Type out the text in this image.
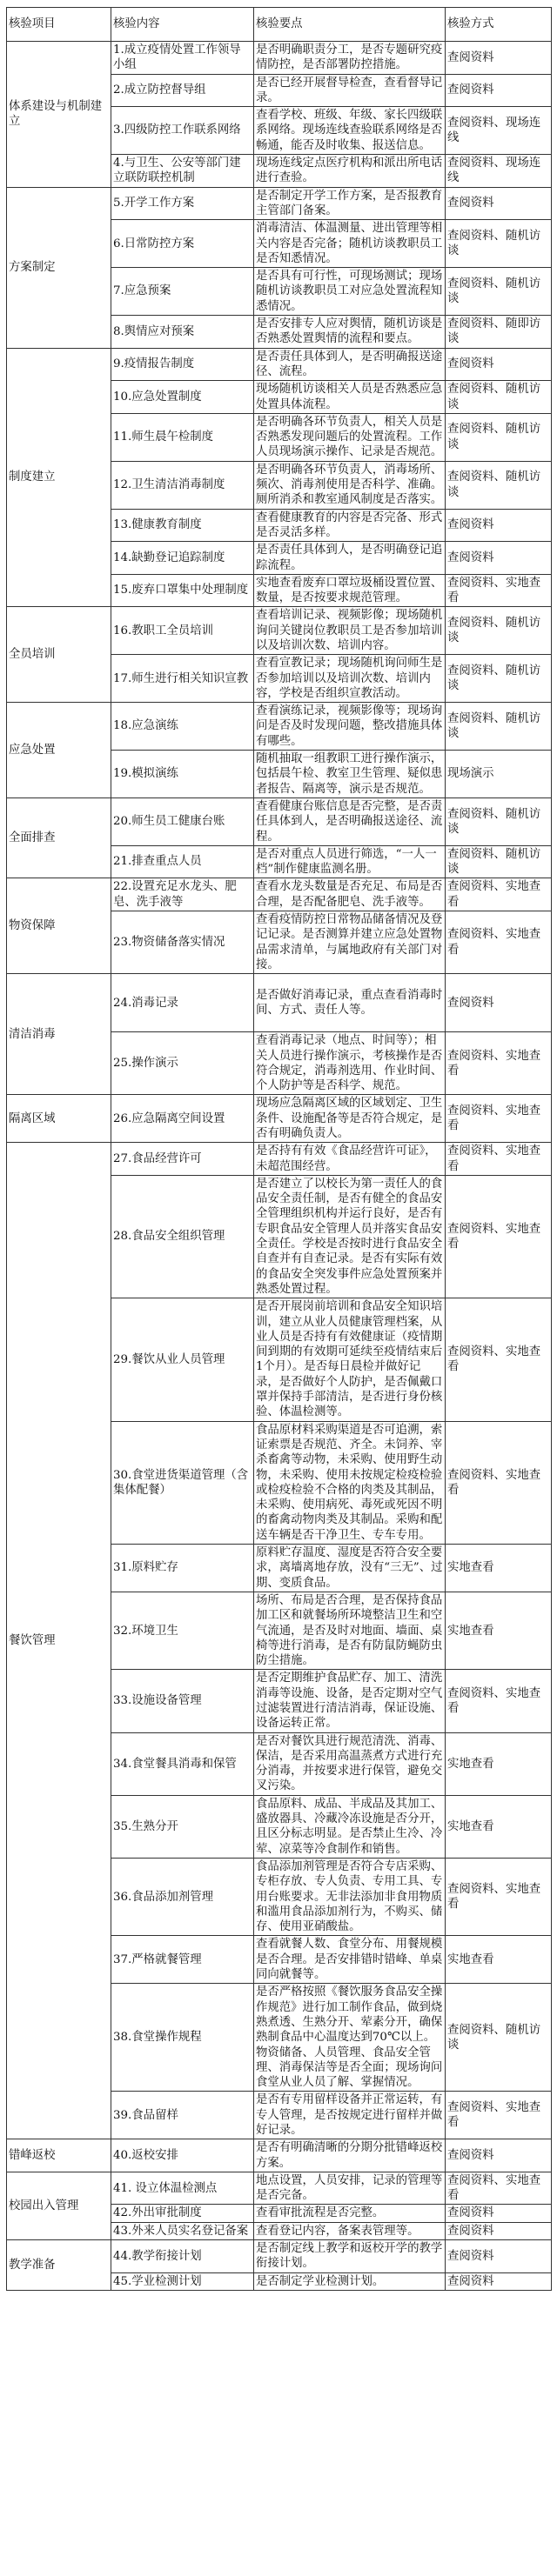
核验项目	核验内容	核验要点	核验方式
体系建设与机制建 立	1.成立疫情处置工作领导小组	是否明确职责分工，是否专题研究疫情防控，是否部署防控措施。	查阅资料
	2.成立防控督导组	是否已经开展督导检查，查看督导记录。	查阅资料
	3.四级防控工作联系网络	查看学校、班级、年级、家长四级联系网络。现场连线查验联系网络是否畅通，能否及时收集、报送信息。	查阅资料、现场连线
	4.与卫生、公安等部门建立联防联控机制	现场连线定点医疗机构和派出所电话进行查验。	查阅资料、现场连线
方案制定	5.开学工作方案	是否制定开学工作方案，是否报教育主管部门备案。	查阅资料
	6.日常防控方案	消毒清洁、体温测量、进出管理等相关内容是否完备；随机访谈教职员工是否知悉情况。	查阅资料、随机访谈
	7.应急预案	是否具有可行性，可现场测试；现场随机访谈教职员工对应急处置流程知悉情况。	查阅资料、随机访谈
	8.舆情应对预案	是否安排专人应对舆情，随机访谈是否熟悉处置舆情的流程和要点。	查阅资料、随即访谈
制度建立	9.疫情报告制度	是否责任具体到人，是否明确报送途径、流程。	查阅资料
	10.应急处置制度	现场随机访谈相关人员是否熟悉应急处置具体流程。	查阅资料、随机访谈
	11.师生晨午检制度	是否明确各环节负责人，相关人员是否熟悉发现问题后的处置流程。工作人员现场演示操作、记录是否规范。	查阅资料、随机访谈
	12.卫生清洁消毒制度	是否明确各环节负责人，消毒场所、频次、消毒剂使用是否科学、准确。厕所消杀和教室通风制度是否落实。	查阅资料、随机访谈
	13.健康教育制度	查看健康教育的内容是否完备、形式是否灵活多样。	查阅资料
	14.缺勤登记追踪制度	是否责任具体到人，是否明确登记追踪流程。	查阅资料
	15.废弃口罩集中处理制度	实地查看废弃口罩垃圾桶设置位置、数量，是否按要求规范管理。	查阅资料、实地查看
全员培训	16.教职工全员培训	查看培训记录、视频影像；现场随机询问关键岗位教职员工是否参加培训以及培训次数、培训内容。	查阅资料、随机访谈
	17.师生进行相关知识宣教	查看宣教记录；现场随机询问师生是否参加培训以及培训次数、培训内容，学校是否组织宣教活动。	查阅资料、随机访谈
应急处置	18.应急演练	查看演练记录，视频影像等；现场询问是否及时发现问题，整改措施具体有哪些。	查阅资料、随机访谈
	19.模拟演练	随机抽取一组教职工进行操作演示，包括晨午检、教室卫生管理、疑似患者报告、隔离等，演示是否规范。	现场演示
全面排查	20.师生员工健康台账	查看健康台账信息是否完整，是否责任具体到人，是否明确报送途径、流程。	查阅资料、随机访谈
	21.排查重点人员	是否对重点人员进行筛选，“一人一档”制作健康监测名册。	查阅资料、随机访谈
物资保障	22.设置充足水龙头、肥皂、洗手液等	查看水龙头数量是否充足、布局是否合理，是否配备肥皂、洗手液等。	查阅资料、实地查看
	23.物资储备落实情况	查看疫情防控日常物品储备情况及登记记录。是否测算并建立应急处置物品需求清单，与属地政府有关部门对接。	查阅资料、实地查看
清洁消毒	24.消毒记录	是否做好消毒记录，重点查看消毒时间、方式、责任人等。	查阅资料
	25.操作演示	查看消毒记录（地点、时间等）；相关人员进行操作演示，考核操作是否符合规定，消毒剂选用、作业时间、个人防护等是否科学、规范。	查阅资料、实地查看
隔离区域	26.应急隔离空间设置	现场应急隔离区域的区域划定、卫生条件、设施配备等是否符合规定，是否有明确负责人。	查阅资料、实地查看
餐饮管理	27.食品经营许可	是否持有有效《食品经营许可证》，未超范围经营。	查阅资料、实地查看
	28.食品安全组织管理	是否建立了以校长为第一责任人的食品安全责任制，是否有健全的食品安全管理组织机构并运行良好，是否有专职食品安全管理人员并落实食品安全责任。学校是否按时进行食品安全自查并有自查记录。是否有实际有效的食品安全突发事件应急处置预案并熟悉处置过程。	查阅资料、实地查看
	29.餐饮从业人员管理	是否开展岗前培训和食品安全知识培训，建立从业人员健康管理档案，从业人员是否持有有效健康证（疫情期间到期的有效期可延续至疫情结束后1个月）。是否每日晨检并做好记录，是否做好个人防护，是否佩戴口罩并保持手部清洁，是否进行身份核验、体温检测等。	查阅资料、实地查看
	30.食堂进货渠道管理（含集体配餐）	食品原材料采购渠道是否可追溯，索证索票是否规范、齐全。未饲养、宰杀畜禽等动物，未采购、使用野生动物，未采购、使用未按规定检疫检验或检疫检验不合格的肉类及其制品，未采购、使用病死、毒死或死因不明的畜禽动物肉类及其制品。采购和配送车辆是否干净卫生、专车专用。	查阅资料、实地查看
	31.原料贮存	原料贮存温度、湿度是否符合安全要求，离墙离地存放，没有“三无”、过期、变质食品。	实地查看
	32.环境卫生	场所、布局是否合理，是否保持食品加工区和就餐场所环境整洁卫生和空气流通，是否及时对地面、墙面、桌椅等进行消毒，是否有防鼠防蝇防虫防尘措施。	实地查看
	33.设施设备管理	是否定期维护食品贮存、加工、清洗消毒等设施、设备，是否定期对空气过滤装置进行清洁消毒，保证设施、设备运转正常。	查阅资料、实地查看
	34.食堂餐具消毒和保管	是否对餐饮具进行规范清洗、消毒、保洁，是否采用高温蒸煮方式进行充分消毒，并按要求进行保管，避免交叉污染。	实地查看
	35.生熟分开	食品原料、成品、半成品及其加工、盛放器具、冷藏冷冻设施是否分开，且区分标志明显。是否禁止生冷、冷荤、凉菜等冷食制作和销售。	实地查看
	36.食品添加剂管理	食品添加剂管理是否符合专店采购、专柜存放、专人负责、专用工具、专用台账要求。无非法添加非食用物质和滥用食品添加剂行为，不购买、储存、使用亚硝酸盐。	查阅资料、实地查看
	37.严格就餐管理	查看就餐人数、食堂分布、用餐规模是否合理。是否安排错时错峰、单桌同向就餐等。	实地查看
	38.食堂操作规程	是否严格按照《餐饮服务食品安全操作规范》进行加工制作食品，做到烧熟煮透、生熟分开、荤素分开，确保熟制食品中心温度达到70℃以上。物资储备、人员管理、食品安全管理、消毒保洁等是否全面；现场询问食堂从业人员了解、掌握情况。	查阅资料、随机访谈
	39.食品留样	是否有专用留样设备并正常运转，有专人管理，是否按规定进行留样并做好记录。	查阅资料、实地查看
错峰返校	40.返校安排	是否有明确清晰的分期分批错峰返校方案。	查阅资料
校园出入管理	41. 设立体温检测点	地点设置，人员安排，记录的管理等是否完备。	查阅资料、实地查看
	42.外出审批制度	查看审批流程是否完整。	查阅资料
	43.外来人员实名登记备案	查看登记内容，备案表管理等。	查阅资料
教学准备	44.教学衔接计划	是否制定线上教学和返校开学的教学衔接计划。	查阅资料
	45.学业检测计划	是否制定学业检测计划。	查阅资料
